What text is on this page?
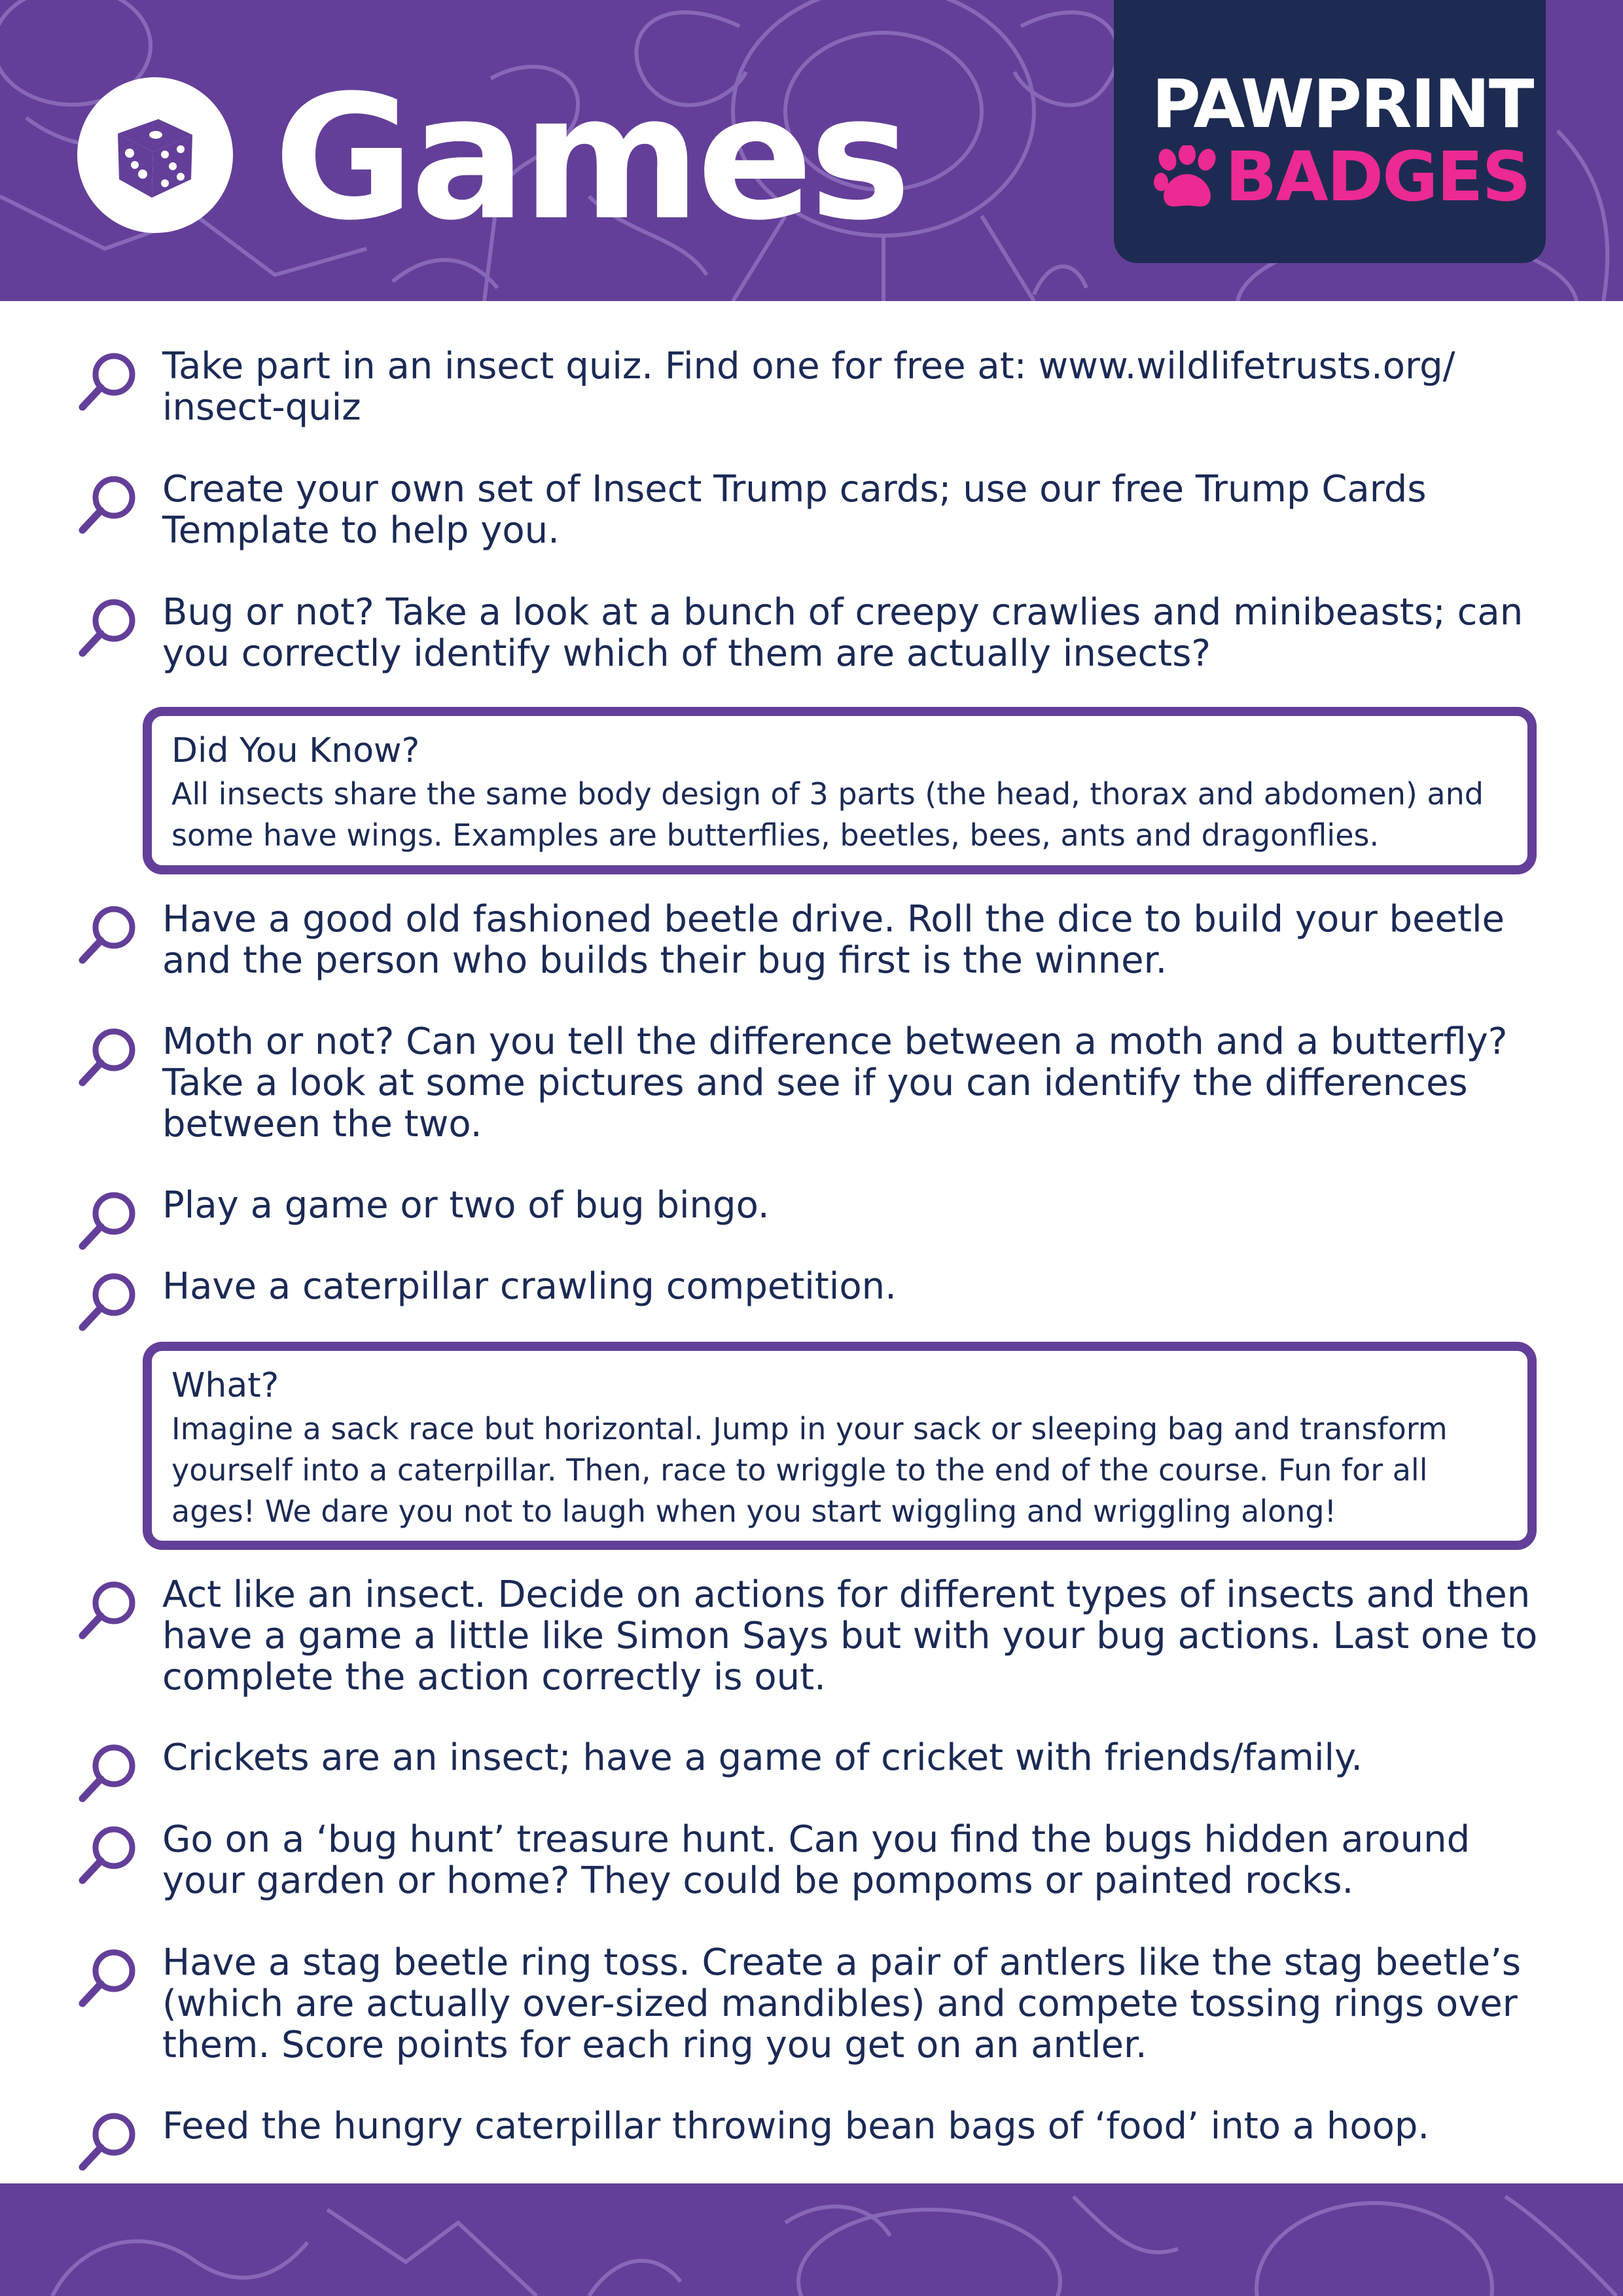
Games	PAWPRINT
BADGES
Take part in an insect quiz. Find one for free at: www.wildlifetrusts.org/ insect-quiz
Create your own set of Insect Trump cards; use our free Trump Cards Template to help you.
Bug or not? Take a look at a bunch of creepy crawlies and minibeasts; can you correctly identify which of them are actually insects?
Did You Know?
All insects share the same body design of 3 parts (the head, thorax and abdomen) and some have wings. Examples are butterflies, beetles, bees, ants and dragonflies.
Have a good old fashioned beetle drive. Roll the dice to build your beetle and the person who builds their bug first is the winner.
Moth or not? Can you tell the difference between a moth and a butterfly? Take a look at some pictures and see if you can identify the differences between the two.
Play a game or two of bug bingo.
Have a caterpillar crawling competition.
What?
Imagine a sack race but horizontal. Jump in your sack or sleeping bag and transform yourself into a caterpillar. Then, race to wriggle to the end of the course. Fun for all ages! We dare you not to laugh when you start wiggling and wriggling along!
Act like an insect. Decide on actions for different types of insects and then have a game a little like Simon Says but with your bug actions. Last one to complete the action correctly is out.
Crickets are an insect; have a game of cricket with friends/family.
Go on a ‘bug hunt’ treasure hunt. Can you find the bugs hidden around your garden or home? They could be pompoms or painted rocks.
Have a stag beetle ring toss. Create a pair of antlers like the stag beetle’s (which are actually over-sized mandibles) and compete tossing rings over them. Score points for each ring you get on an antler.
Feed the hungry caterpillar throwing bean bags of ‘food’ into a hoop.
